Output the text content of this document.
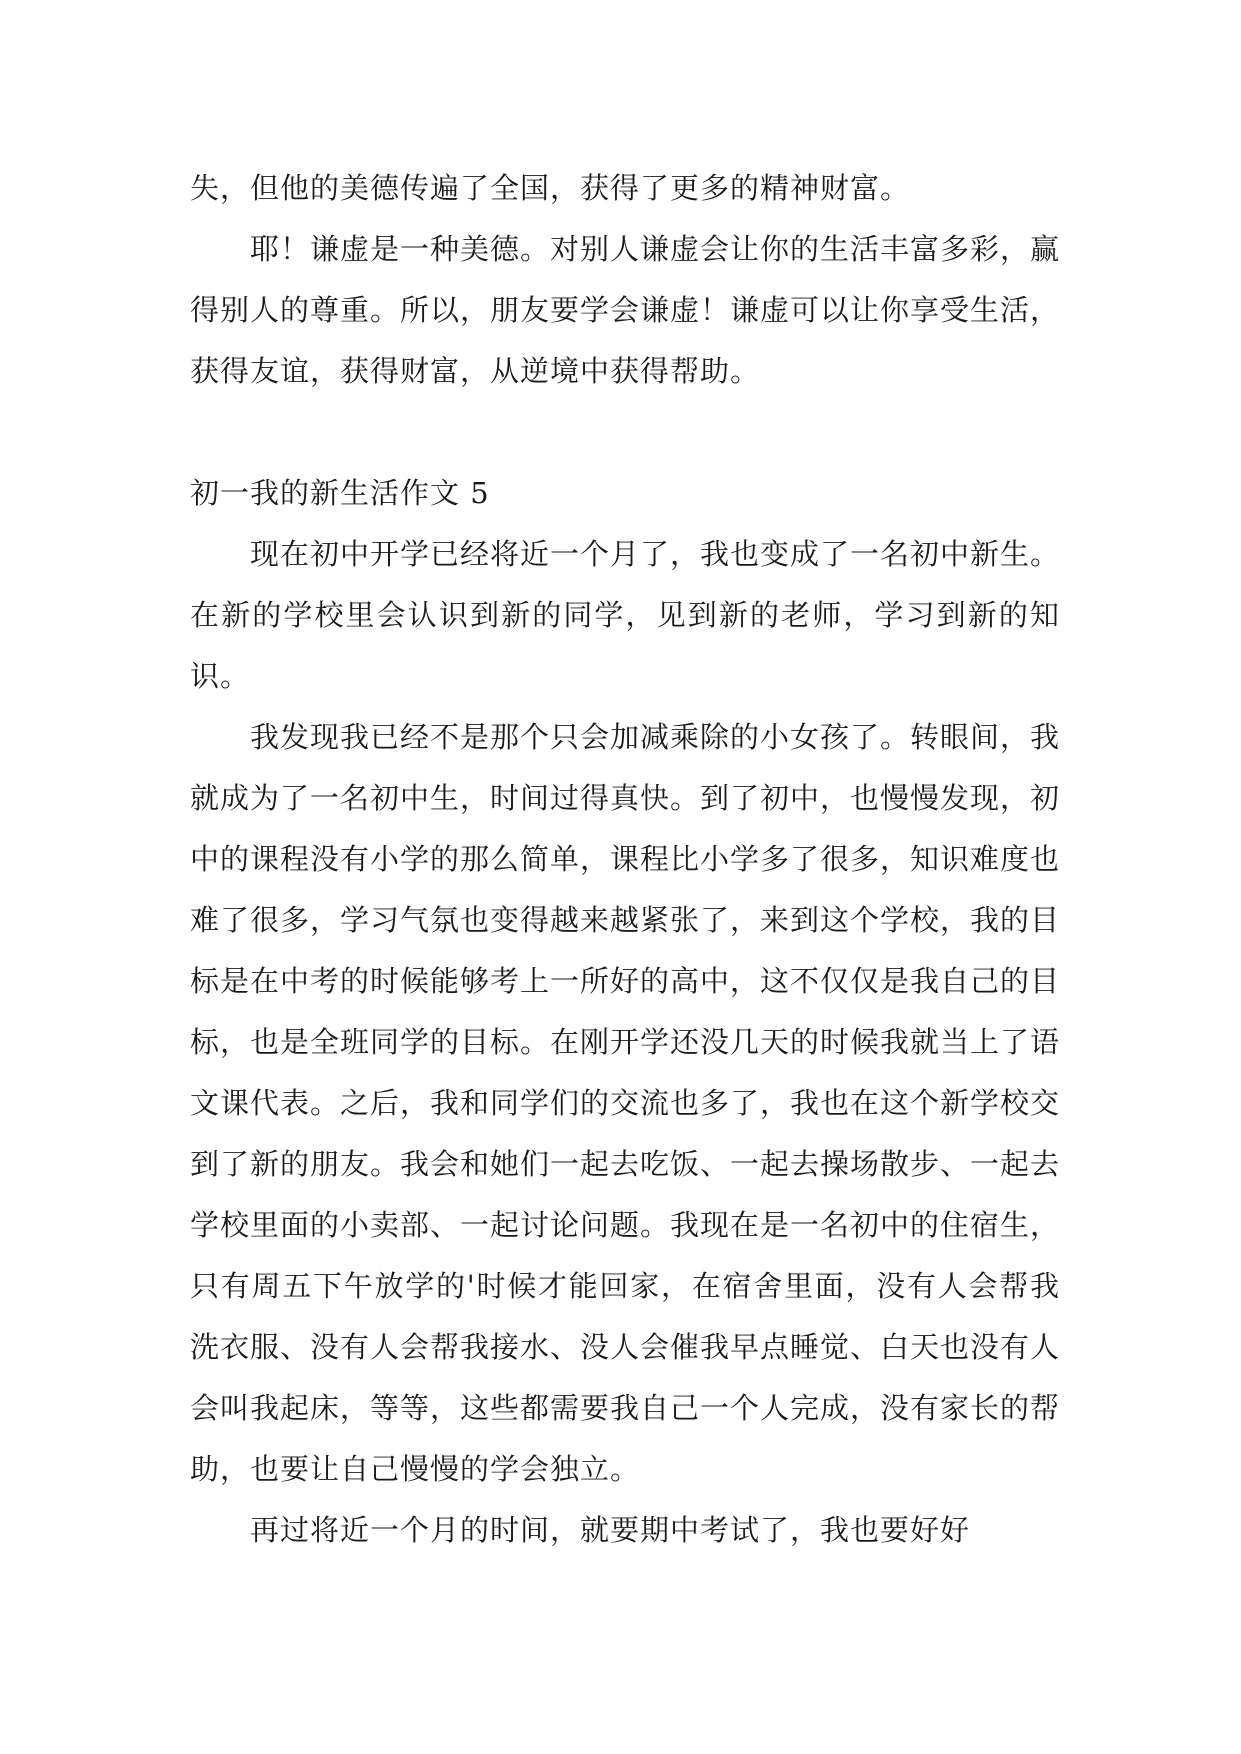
失，但他的美德传遍了全国，获得了更多的精神财富。

耶！谦虚是一种美德。对别人谦虚会让你的生活丰富多彩，赢得别人的尊重。所以，朋友要学会谦虚！谦虚可以让你享受生活，获得友谊，获得财富，从逆境中获得帮助。

初一我的新生活作文 5

现在初中开学已经将近一个月了，我也变成了一名初中新生。在新的学校里会认识到新的同学，见到新的老师，学习到新的知识。

我发现我已经不是那个只会加减乘除的小女孩了。转眼间，我就成为了一名初中生，时间过得真快。到了初中，也慢慢发现，初中的课程没有小学的那么简单，课程比小学多了很多，知识难度也难了很多，学习气氛也变得越来越紧张了，来到这个学校，我的目标是在中考的时候能够考上一所好的高中，这不仅仅是我自己的目标，也是全班同学的目标。在刚开学还没几天的时候我就当上了语文课代表。之后，我和同学们的交流也多了，我也在这个新学校交到了新的朋友。我会和她们一起去吃饭、一起去操场散步、一起去学校里面的小卖部、一起讨论问题。我现在是一名初中的住宿生，只有周五下午放学的'时候才能回家，在宿舍里面，没有人会帮我洗衣服、没有人会帮我接水、没人会催我早点睡觉、白天也没有人会叫我起床，等等，这些都需要我自己一个人完成，没有家长的帮助，也要让自己慢慢的学会独立。

再过将近一个月的时间，就要期中考试了，我也要好好
